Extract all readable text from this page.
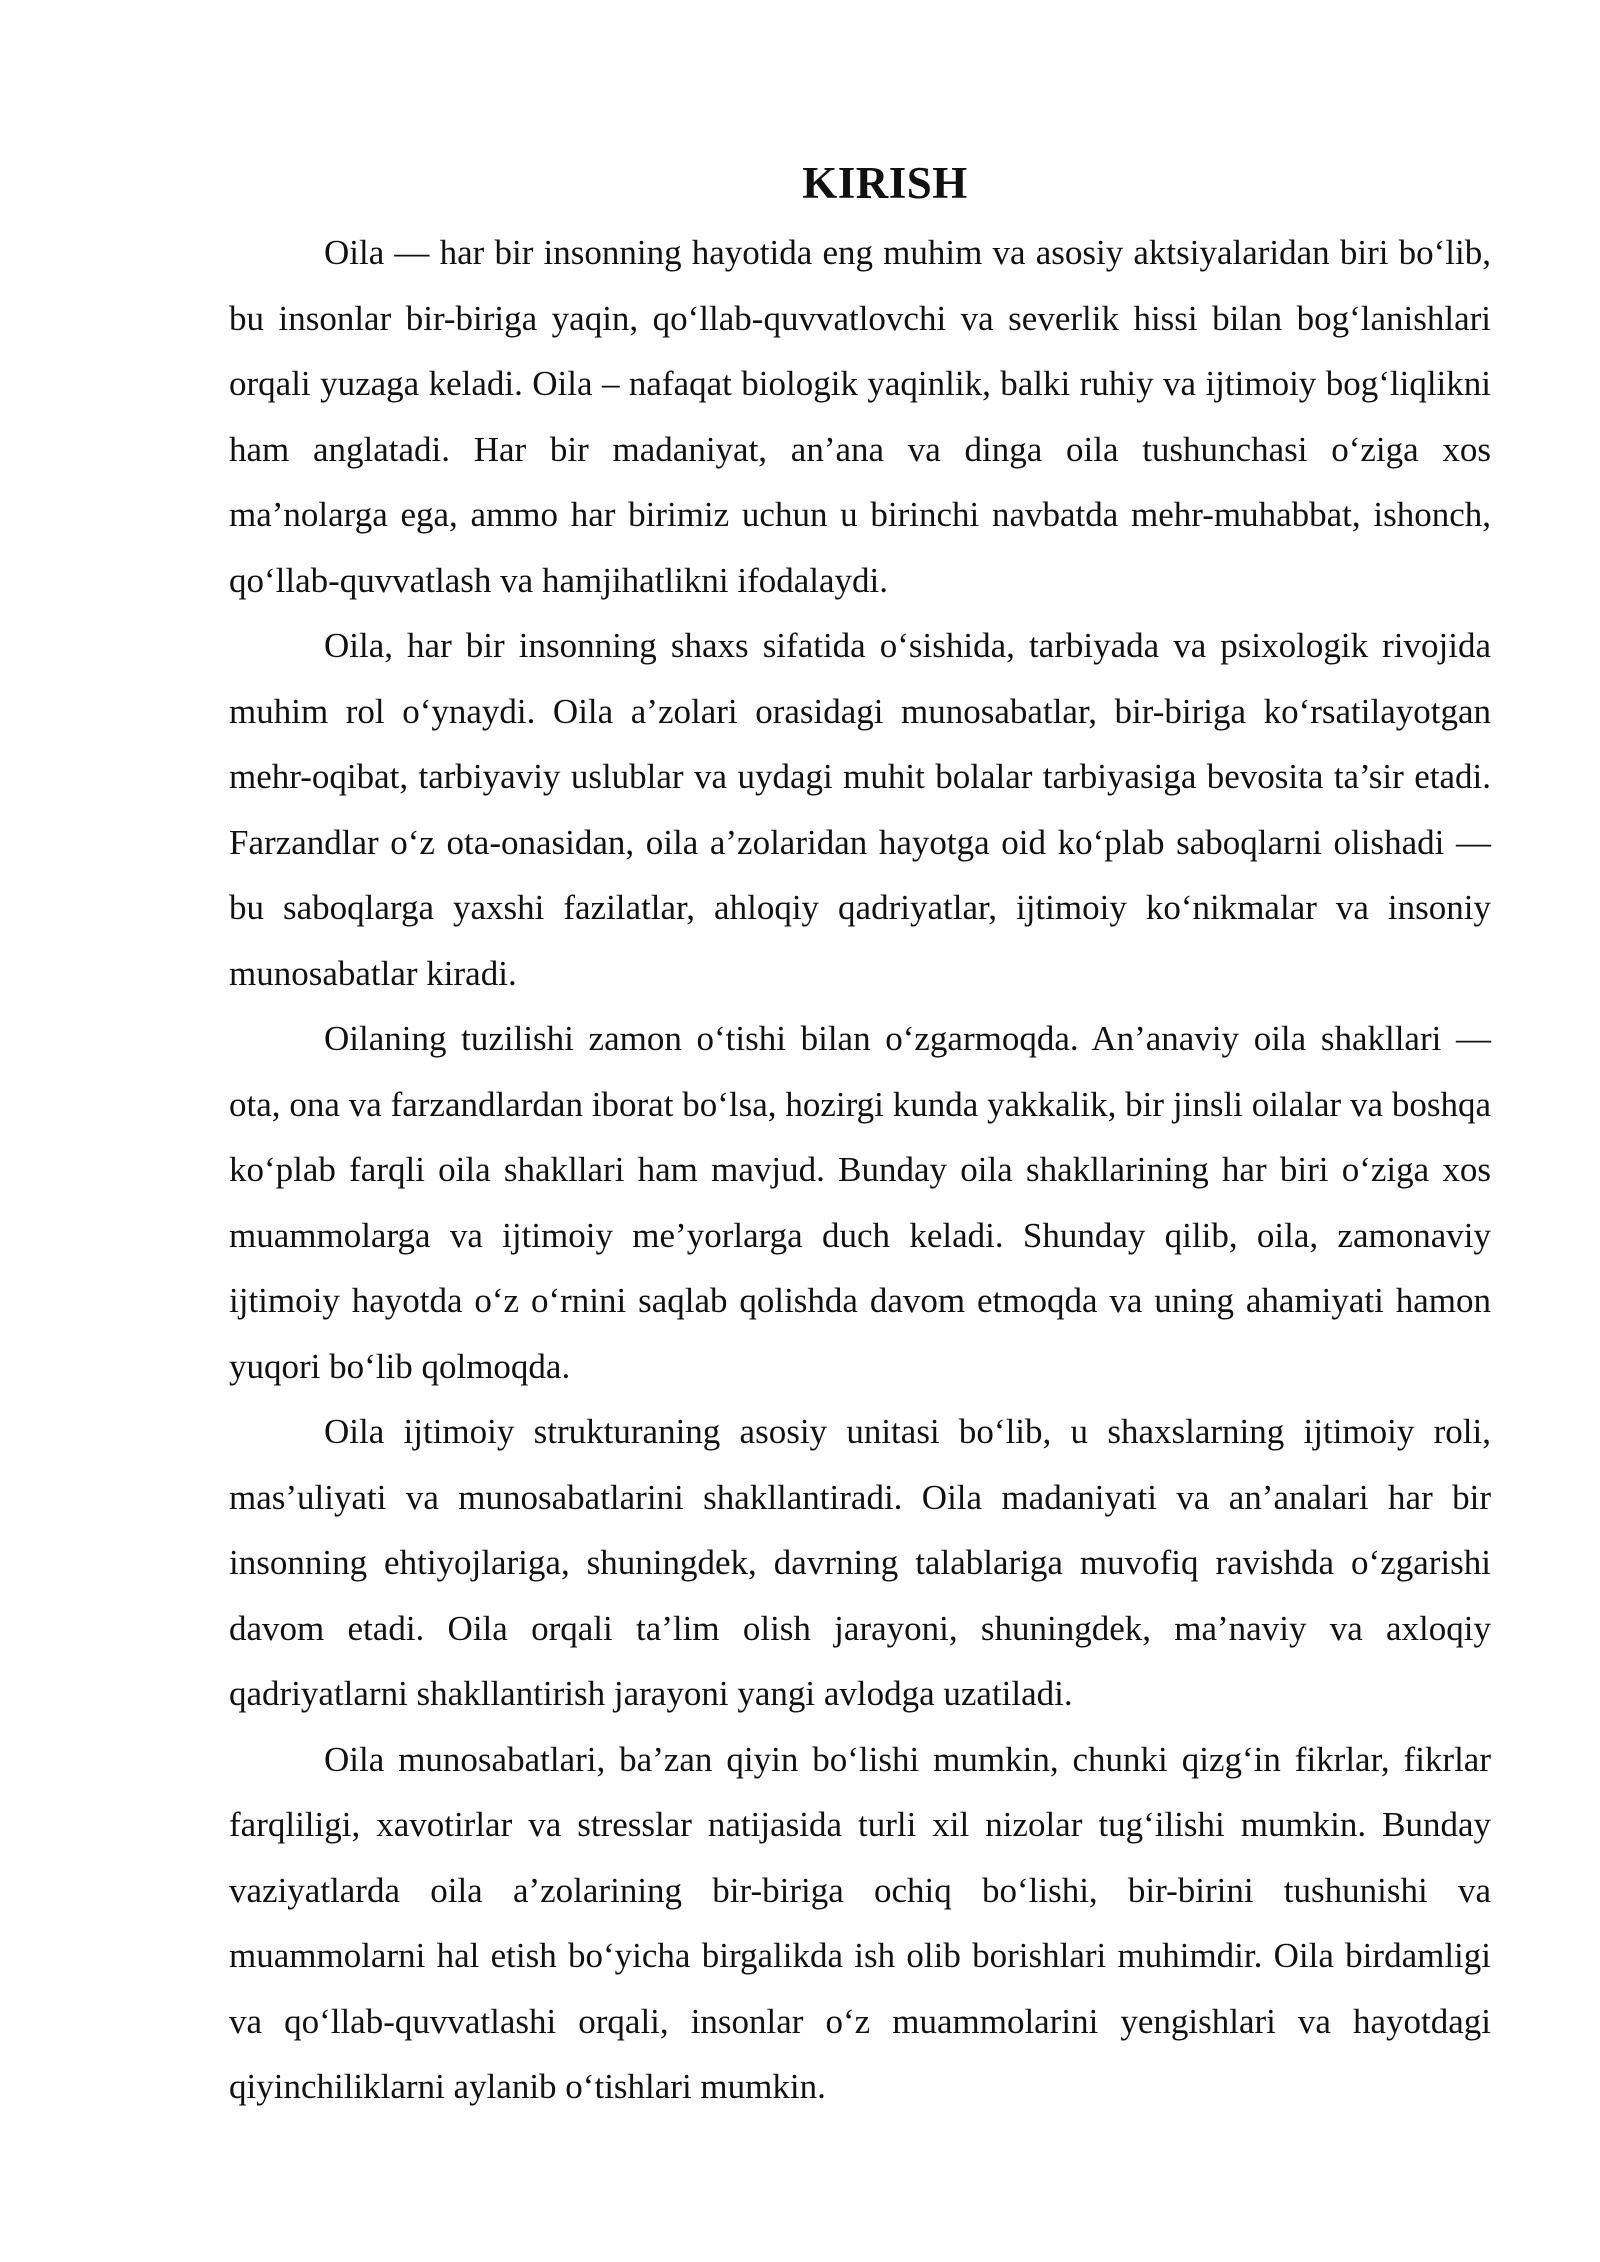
KIRISH

Oila — har bir insonning hayotida eng muhim va asosiy aktsiyalaridan biri bo‘lib, bu insonlar bir-biriga yaqin, qo‘llab-quvvatlovchi va severlik hissi bilan bog‘lanishlari orqali yuzaga keladi. Oila – nafaqat biologik yaqinlik, balki ruhiy va ijtimoiy bog‘liqlikni ham anglatadi. Har bir madaniyat, an’ana va dinga oila tushunchasi o‘ziga xos ma’nolarga ega, ammo har birimiz uchun u birinchi navbatda mehr-muhabbat, ishonch, qo‘llab-quvvatlash va hamjihatlikni ifodalaydi.

Oila, har bir insonning shaxs sifatida o‘sishida, tarbiyada va psixologik rivojida muhim rol o‘ynaydi. Oila a’zolari orasidagi munosabatlar, bir-biriga ko‘rsatilayotgan mehr-oqibat, tarbiyaviy uslublar va uydagi muhit bolalar tarbiyasiga bevosita ta’sir etadi. Farzandlar o‘z ota-onasidan, oila a’zolaridan hayotga oid ko‘plab saboqlarni olishadi — bu saboqlarga yaxshi fazilatlar, ahloqiy qadriyatlar, ijtimoiy ko‘nikmalar va insoniy munosabatlar kiradi.

Oilaning tuzilishi zamon o‘tishi bilan o‘zgarmoqda. An’anaviy oila shakllari — ota, ona va farzandlardan iborat bo‘lsa, hozirgi kunda yakkalik, bir jinsli oilalar va boshqa ko‘plab farqli oila shakllari ham mavjud. Bunday oila shakllarining har biri o‘ziga xos muammolarga va ijtimoiy me’yorlarga duch keladi. Shunday qilib, oila, zamonaviy ijtimoiy hayotda o‘z o‘rnini saqlab qolishda davom etmoqda va uning ahamiyati hamon yuqori bo‘lib qolmoqda.

Oila ijtimoiy strukturaning asosiy unitasi bo‘lib, u shaxslarning ijtimoiy roli, mas’uliyati va munosabatlarini shakllantiradi. Oila madaniyati va an’analari har bir insonning ehtiyojlariga, shuningdek, davrning talablariga muvofiq ravishda o‘zgarishi davom etadi. Oila orqali ta’lim olish jarayoni, shuningdek, ma’naviy va axloqiy qadriyatlarni shakllantirish jarayoni yangi avlodga uzatiladi.

Oila munosabatlari, ba’zan qiyin bo‘lishi mumkin, chunki qizg‘in fikrlar, fikrlar farqliligi, xavotirlar va stresslar natijasida turli xil nizolar tug‘ilishi mumkin. Bunday vaziyatlarda oila a’zolarining bir-biriga ochiq bo‘lishi, bir-birini tushunishi va muammolarni hal etish bo‘yicha birgalikda ish olib borishlari muhimdir. Oila birdamligi va qo‘llab-quvvatlashi orqali, insonlar o‘z muammolarini yengishlari va hayotdagi qiyinchiliklarni aylanib o‘tishlari mumkin.
